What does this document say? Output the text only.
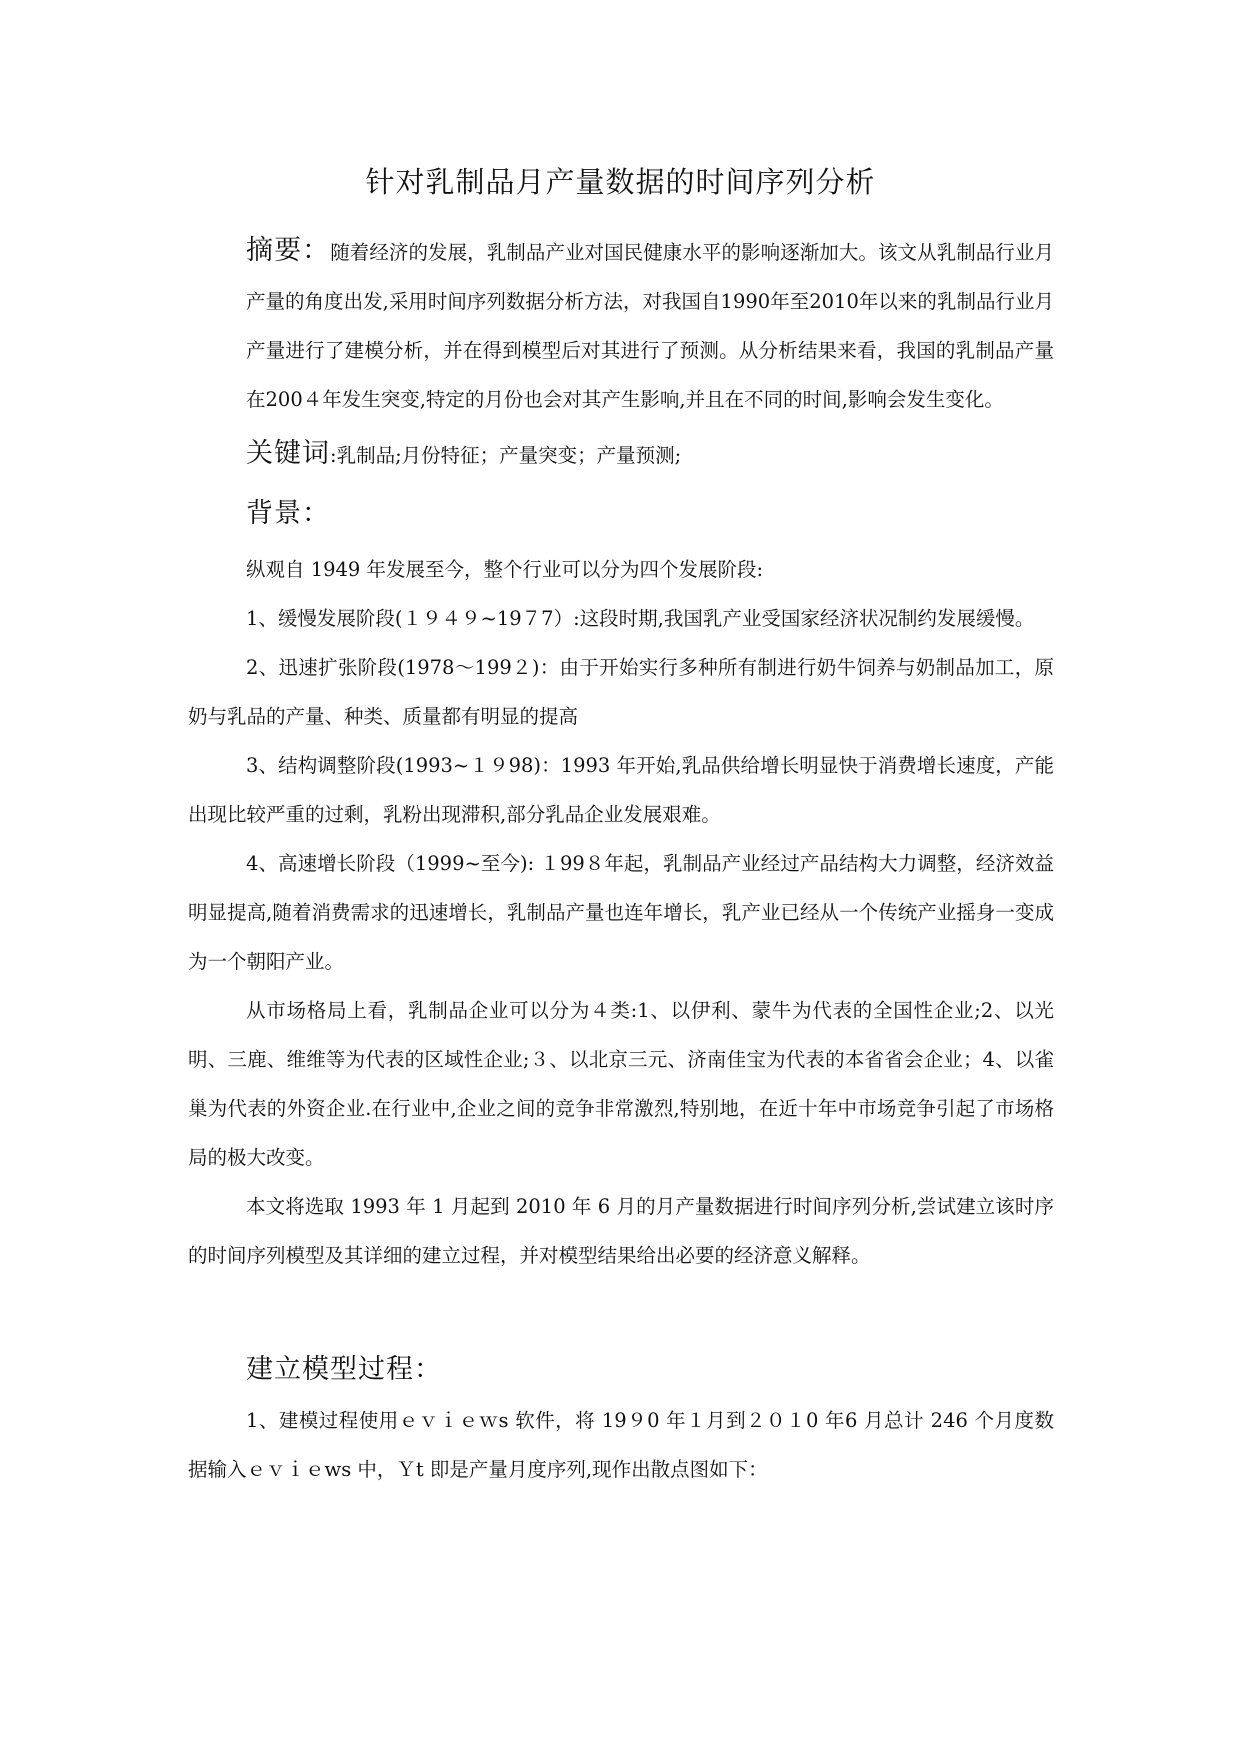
针对乳制品月产量数据的时间序列分析
摘要：随着经济的发展，乳制品产业对国民健康水平的影响逐渐加大。该文从乳制品行业月产量的角度出发,采用时间序列数据分析方法，对我国自1990年至2010年以来的乳制品行业月产量进行了建模分析，并在得到模型后对其进行了预测。从分析结果来看，我国的乳制品产量在200４年发生突变,特定的月份也会对其产生影响,并且在不同的时间,影响会发生变化。
关键词:乳制品;月份特征；产量突变；产量预测;
背景：

纵观自 1949 年发展至今，整个行业可以分为四个发展阶段:

1、缓慢发展阶段(１９４９~19７7）:这段时期,我国乳产业受国家经济状况制约发展缓慢。

2、迅速扩张阶段(1978～199２)：由于开始实行多种所有制进行奶牛饲养与奶制品加工，原奶与乳品的产量、种类、质量都有明显的提高

3、结构调整阶段(1993~１９98)：1993 年开始,乳品供给增长明显快于消费增长速度，产能出现比较严重的过剩，乳粉出现滞积,部分乳品企业发展艰难。

4、高速增长阶段（1999~至今): １99８年起，乳制品产业经过产品结构大力调整，经济效益明显提高,随着消费需求的迅速增长，乳制品产量也连年增长，乳产业已经从一个传统产业摇身一变成为一个朝阳产业。

从市场格局上看，乳制品企业可以分为４类:1、以伊利、蒙牛为代表的全国性企业;2、以光明、三鹿、维维等为代表的区域性企业;３、以北京三元、济南佳宝为代表的本省省会企业；4、以雀巢为代表的外资企业.在行业中,企业之间的竞争非常激烈,特别地，在近十年中市场竞争引起了市场格局的极大改变。

本文将选取 1993 年 1 月起到 2010 年 6 月的月产量数据进行时间序列分析,尝试建立该时序的时间序列模型及其详细的建立过程，并对模型结果给出必要的经济意义解释。

建立模型过程：

1、建模过程使用ｅｖｉｅｗs 软件，将 19９0 年１月到２０１0 年6 月总计 246 个月度数据输入ｅｖｉｅws 中，Ｙt 即是产量月度序列,现作出散点图如下：
